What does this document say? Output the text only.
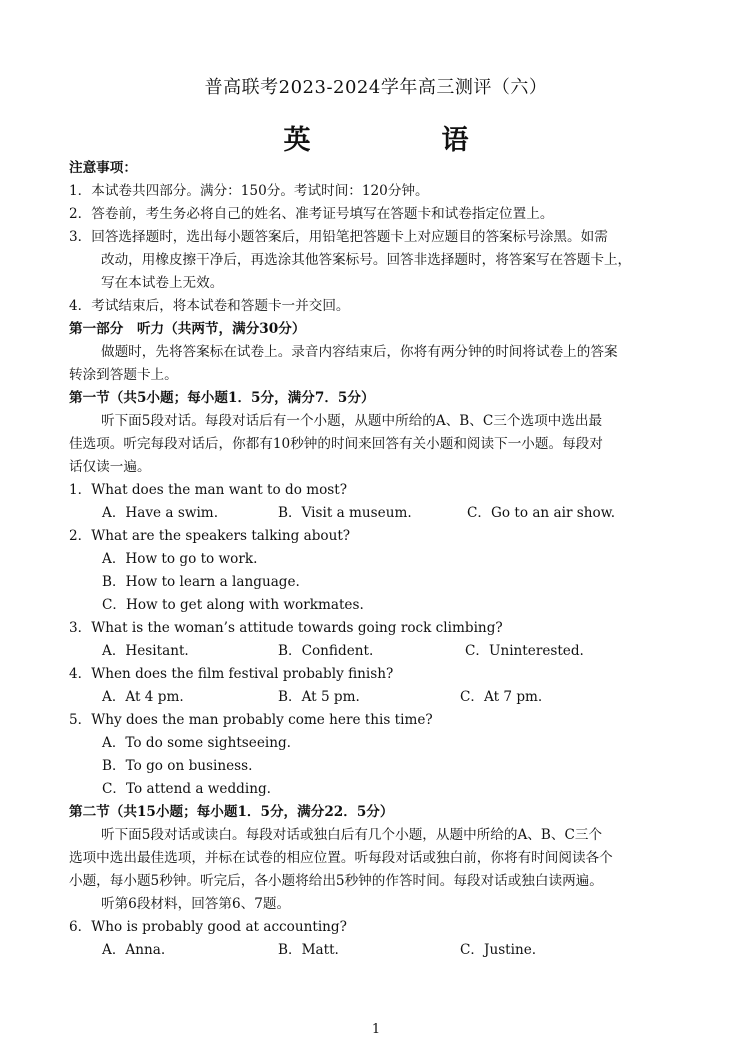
普高联考2023-2024学年高三测评（六）
英　语
注意事项：
1．本试卷共四部分。满分：150分。考试时间：120分钟。
2．答卷前，考生务必将自己的姓名、准考证号填写在答题卡和试卷指定位置上。
3．回答选择题时，选出每小题答案后，用铅笔把答题卡上对应题目的答案标号涂黑。如需
改动，用橡皮擦干净后，再选涂其他答案标号。回答非选择题时，将答案写在答题卡上，
写在本试卷上无效。
4．考试结束后，将本试卷和答题卡一并交回。
第一部分　听力（共两节，满分30分）
做题时，先将答案标在试卷上。录音内容结束后，你将有两分钟的时间将试卷上的答案
转涂到答题卡上。
第一节（共5小题；每小题1．5分，满分7．5分）
听下面5段对话。每段对话后有一个小题，从题中所给的A、B、C三个选项中选出最
佳选项。听完每段对话后，你都有10秒钟的时间来回答有关小题和阅读下一小题。每段对
话仅读一遍。
1．What does the man want to do most?
A．Have a swim.	B．Visit a museum.	C．Go to an air show.
2．What are the speakers talking about?
A．How to go to work.
B．How to learn a language.
C．How to get along with workmates.
3．What is the woman’s attitude towards going rock climbing?
A．Hesitant.	B．Confident.	C．Uninterested.
4．When does the film festival probably finish?
A．At 4 pm.	B．At 5 pm.	C．At 7 pm.
5．Why does the man probably come here this time?
A．To do some sightseeing.
B．To go on business.
C．To attend a wedding.
第二节（共15小题；每小题1．5分，满分22．5分）
听下面5段对话或读白。每段对话或独白后有几个小题，从题中所给的A、B、C三个
选项中选出最佳选项，并标在试卷的相应位置。听每段对话或独白前，你将有时间阅读各个
小题，每小题5秒钟。听完后，各小题将给出5秒钟的作答时间。每段对话或独白读两遍。
听第6段材料，回答第6、7题。
6．Who is probably good at accounting?
A．Anna.	B．Matt.	C．Justine.
1
